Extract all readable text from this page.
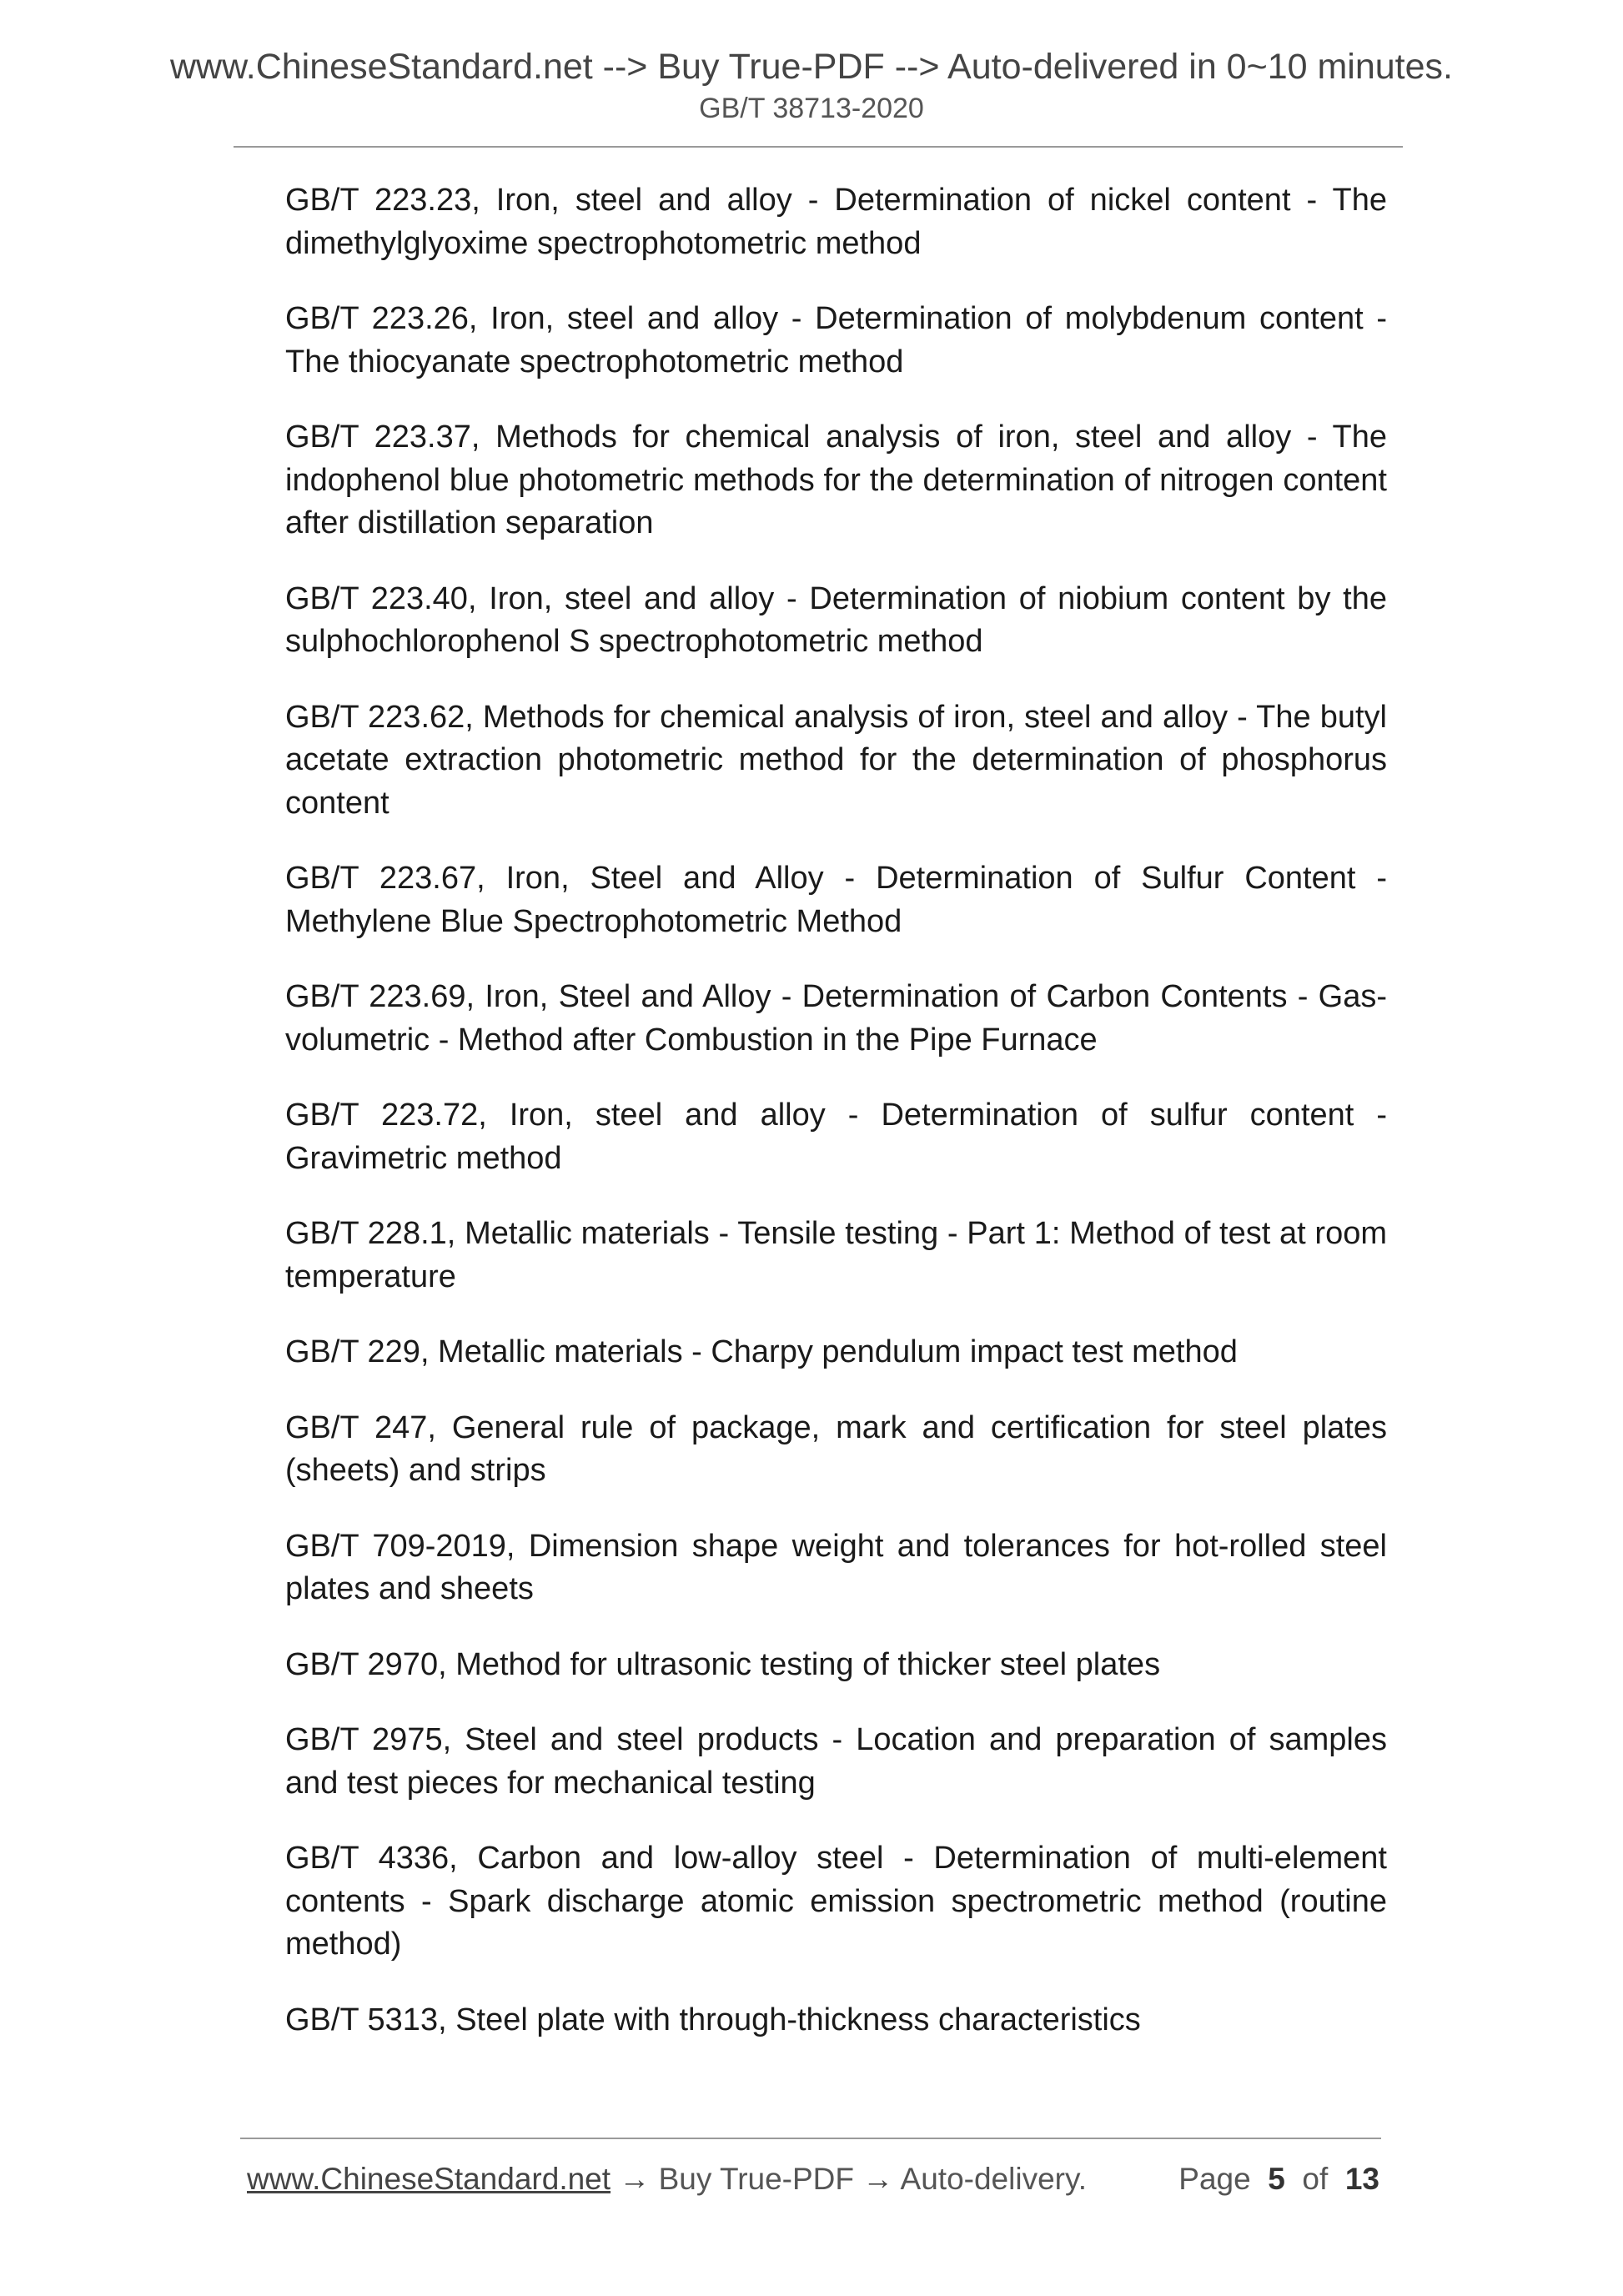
www.ChineseStandard.net --> Buy True-PDF --> Auto-delivered in 0~10 minutes.
GB/T 38713-2020

GB/T 223.23, Iron, steel and alloy - Determination of nickel content - The dimethylglyoxime spectrophotometric method

GB/T 223.26, Iron, steel and alloy - Determination of molybdenum content - The thiocyanate spectrophotometric method

GB/T 223.37, Methods for chemical analysis of iron, steel and alloy - The indophenol blue photometric methods for the determination of nitrogen content after distillation separation

GB/T 223.40, Iron, steel and alloy - Determination of niobium content by the sulphochlorophenol S spectrophotometric method

GB/T 223.62, Methods for chemical analysis of iron, steel and alloy - The butyl acetate extraction photometric method for the determination of phosphorus content

GB/T 223.67, Iron, Steel and Alloy - Determination of Sulfur Content - Methylene Blue Spectrophotometric Method

GB/T 223.69, Iron, Steel and Alloy - Determination of Carbon Contents - Gas-volumetric - Method after Combustion in the Pipe Furnace

GB/T 223.72, Iron, steel and alloy - Determination of sulfur content - Gravimetric method

GB/T 228.1, Metallic materials - Tensile testing - Part 1: Method of test at room temperature

GB/T 229, Metallic materials - Charpy pendulum impact test method

GB/T 247, General rule of package, mark and certification for steel plates (sheets) and strips

GB/T 709-2019, Dimension shape weight and tolerances for hot-rolled steel plates and sheets

GB/T 2970, Method for ultrasonic testing of thicker steel plates

GB/T 2975, Steel and steel products - Location and preparation of samples and test pieces for mechanical testing

GB/T 4336, Carbon and low-alloy steel - Determination of multi-element contents - Spark discharge atomic emission spectrometric method (routine method)

GB/T 5313, Steel plate with through-thickness characteristics

www.ChineseStandard.net → Buy True-PDF → Auto-delivery.	Page 5 of 13
